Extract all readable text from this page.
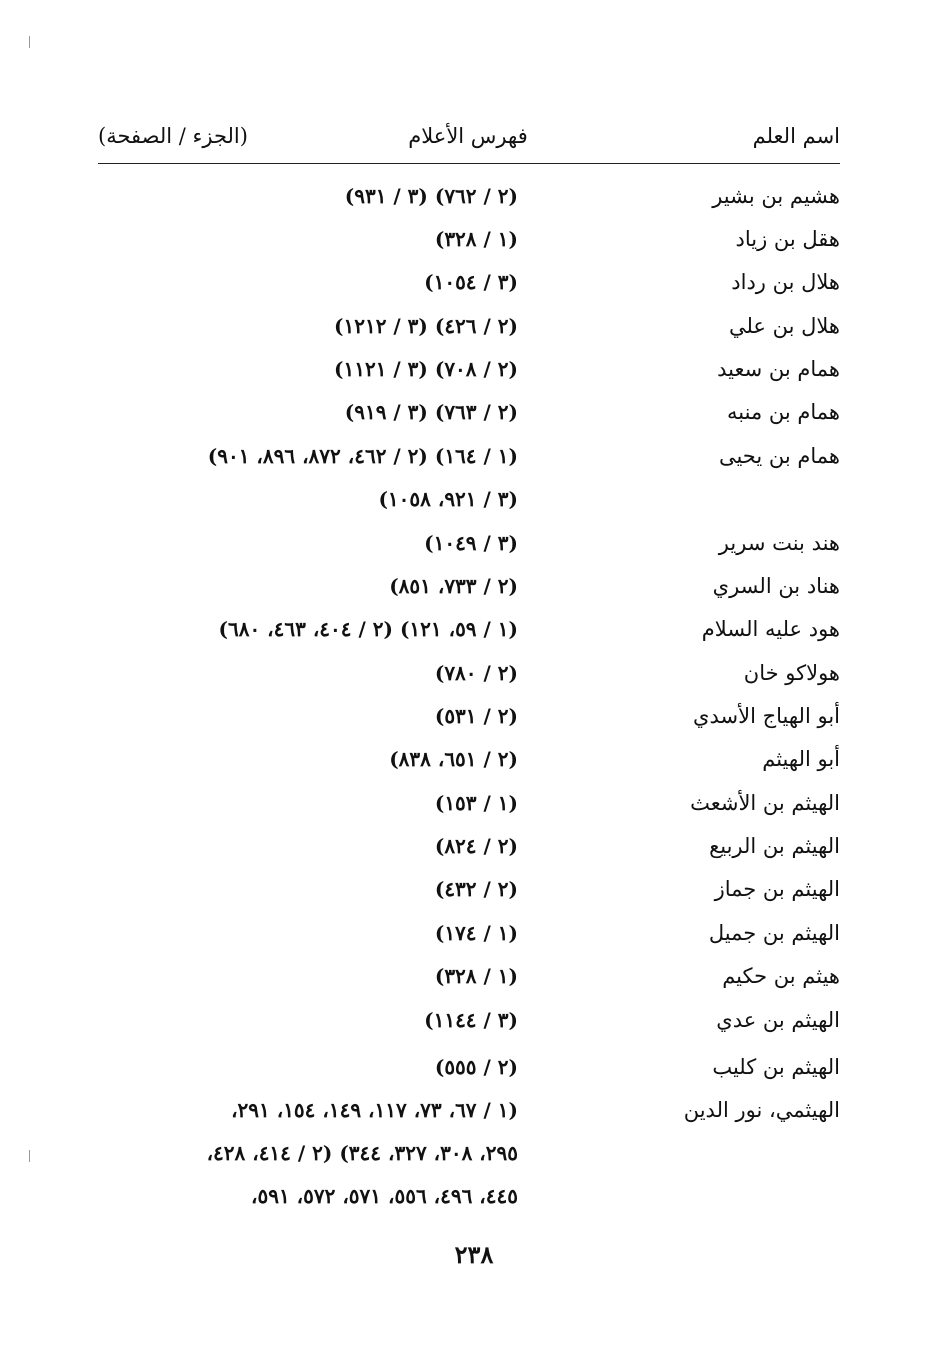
اسم العلم
فهرس الأعلام
(الجزء / الصفحة)
هشيم بن بشير
(٢ / ٧٦٢) (٣ / ٩٣١)
هقل بن زياد
(١ / ٣٢٨)
هلال بن رداد
(٣ / ١٠٥٤)
هلال بن علي
(٢ / ٤٢٦) (٣ / ١٢١٢)
همام بن سعيد
(٢ / ٧٠٨) (٣ / ١١٢١)
همام بن منبه
(٢ / ٧٦٣) (٣ / ٩١٩)
همام بن يحيى
(١ / ١٦٤) (٢ / ٤٦٢، ٨٧٢، ٨٩٦، ٩٠١)
(٣ / ٩٢١، ١٠٥٨)
هند بنت سرير
(٣ / ١٠٤٩)
هناد بن السري
(٢ / ٧٣٣، ٨٥١)
هود عليه السلام
(١ / ٥٩، ١٢١) (٢ / ٤٠٤، ٤٦٣، ٦٨٠)
هولاكو خان
(٢ / ٧٨٠)
أبو الهياج الأسدي
(٢ / ٥٣١)
أبو الهيثم
(٢ / ٦٥١، ٨٣٨)
الهيثم بن الأشعث
(١ / ١٥٣)
الهيثم بن الربيع
(٢ / ٨٢٤)
الهيثم بن جماز
(٢ / ٤٣٢)
الهيثم بن جميل
(١ / ١٧٤)
هيثم بن حكيم
(١ / ٣٢٨)
الهيثم بن عدي
(٣ / ١١٤٤)
الهيثم بن كليب
(٢ / ٥٥٥)
الهيثمي، نور الدين
(١ / ٦٧، ٧٣، ١١٧، ١٤٩، ١٥٤، ٢٩١،
٢٩٥، ٣٠٨، ٣٢٧، ٣٤٤) (٢ / ٤١٤، ٤٢٨،
٤٤٥، ٤٩٦، ٥٥٦، ٥٧١، ٥٧٢، ٥٩١،
٢٣٨
